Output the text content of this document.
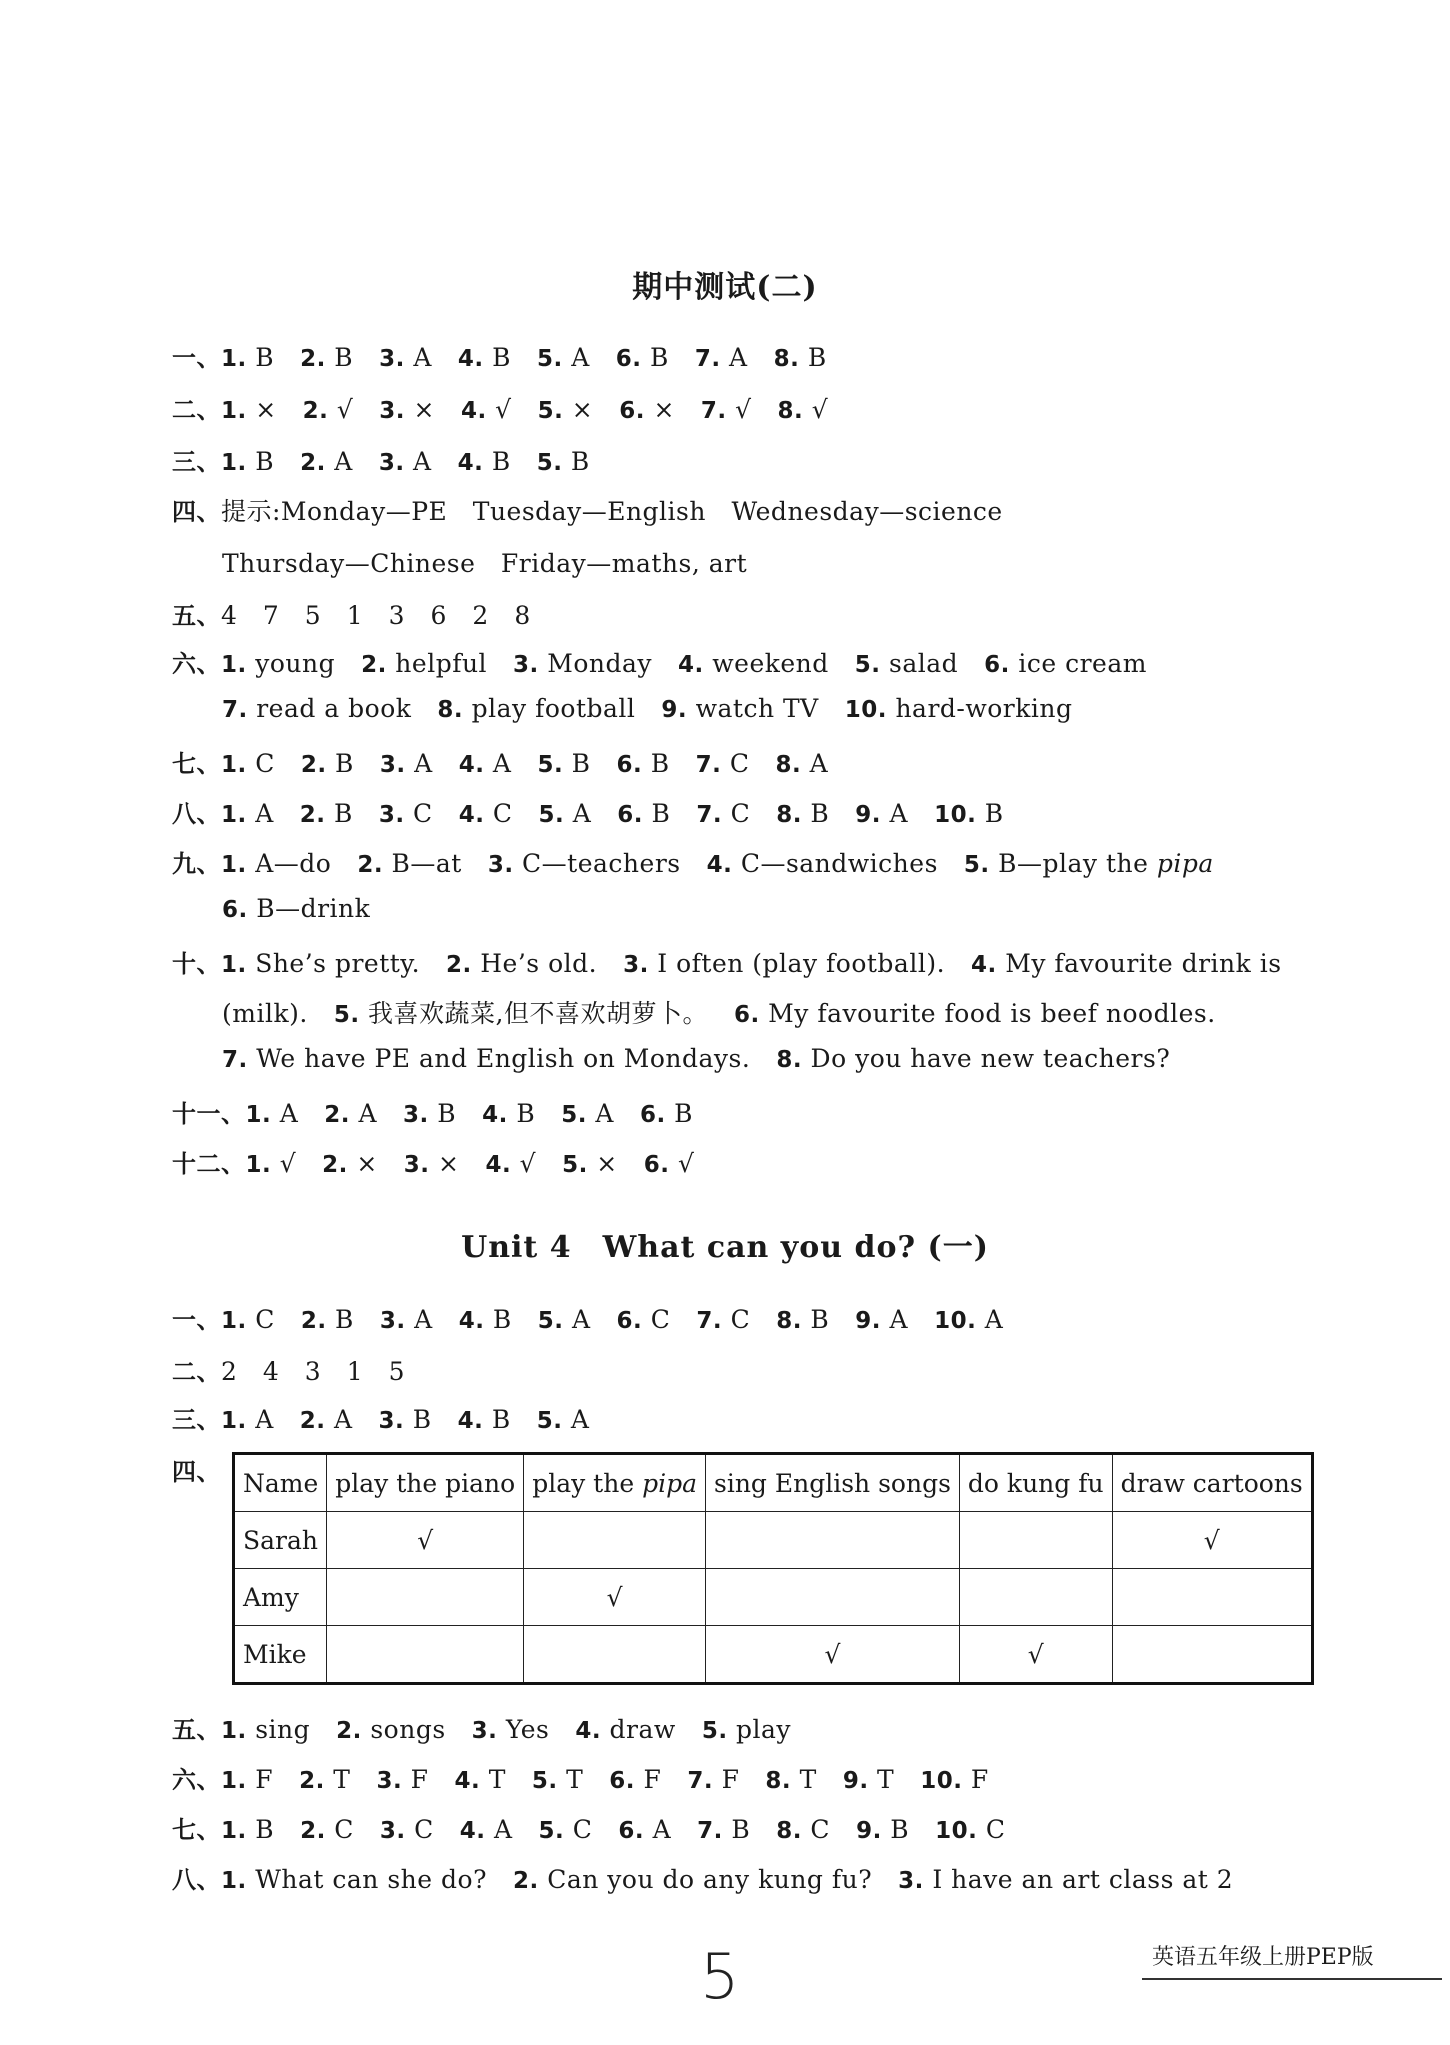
期中测试(二)
一、1. B 2. B 3. A 4. B 5. A 6. B 7. A 8. B
二、1. × 2. √ 3. × 4. √ 5. × 6. × 7. √ 8. √
三、1. B 2. A 3. A 4. B 5. B
四、提示:Monday—PE　Tuesday—English　Wednesday—science
Thursday—Chinese　Friday—maths, art
五、4　7　5　1　3　6　2　8
六、1. young 2. helpful 3. Monday 4. weekend 5. salad 6. ice cream
7. read a book 8. play football 9. watch TV 10. hard-working
七、1. C 2. B 3. A 4. A 5. B 6. B 7. C 8. A
八、1. A 2. B 3. C 4. C 5. A 6. B 7. C 8. B 9. A 10. B
九、1. A—do 2. B—at 3. C—teachers 4. C—sandwiches 5. B—play the pipa
6. B—drink
十、1. She’s pretty. 2. He’s old. 3. I often (play football). 4. My favourite drink is
(milk). 5. 我喜欢蔬菜,但不喜欢胡萝卜。 6. My favourite food is beef noodles.
7. We have PE and English on Mondays. 8. Do you have new teachers?
十一、1. A 2. A 3. B 4. B 5. A 6. B
十二、1. √ 2. × 3. × 4. √ 5. × 6. √
Unit 4　What can you do? (一)
一、1. C 2. B 3. A 4. B 5. A 6. C 7. C 8. B 9. A 10. A
二、2　4　3　1　5
三、1. A 2. A 3. B 4. B 5. A
四、 Name	play the piano	play the pipa	sing English songs	do kung fu	draw cartoons
Sarah	√				√
Amy		√			
Mike			√	√	
五、1. sing 2. songs 3. Yes 4. draw 5. play
六、1. F 2. T 3. F 4. T 5. T 6. F 7. F 8. T 9. T 10. F
七、1. B 2. C 3. C 4. A 5. C 6. A 7. B 8. C 9. B 10. C
八、1. What can she do? 2. Can you do any kung fu? 3. I have an art class at 2
5	英语五年级上册PEP版
